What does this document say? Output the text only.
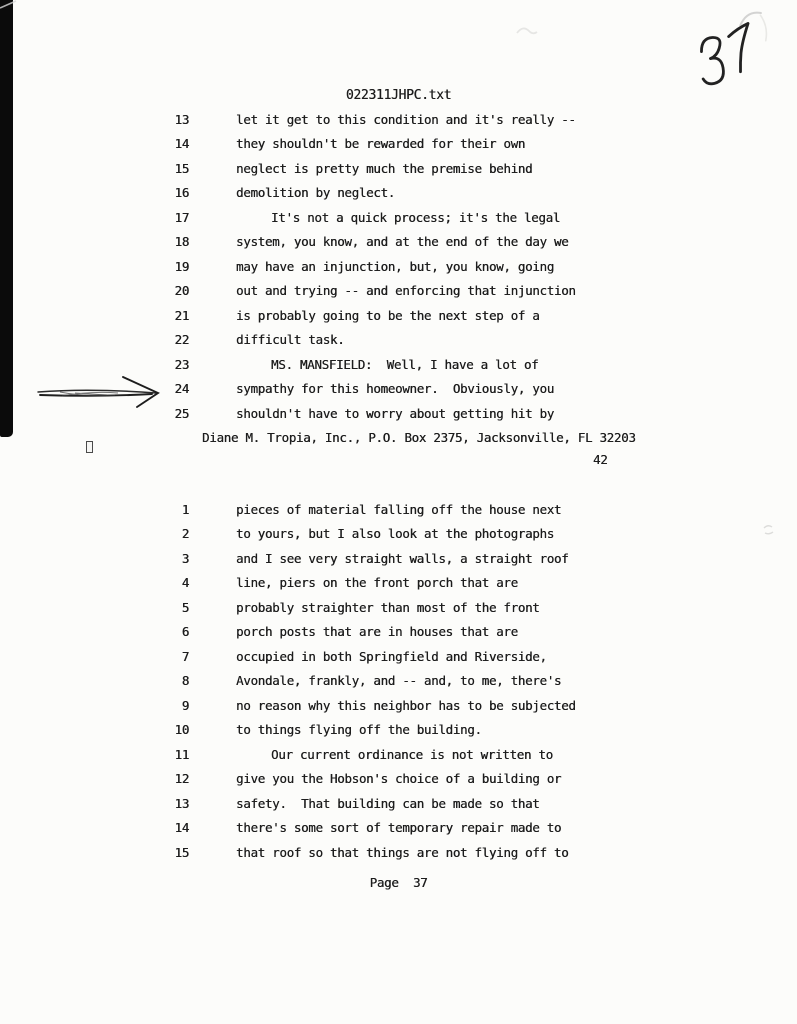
022311JHPC.txt
13	let it get to this condition and it's really --
14	they shouldn't be rewarded for their own
15	neglect is pretty much the premise behind
16	demolition by neglect.
17	It's not a quick process; it's the legal
18	system, you know, and at the end of the day we
19	may have an injunction, but, you know, going
20	out and trying -- and enforcing that injunction
21	is probably going to be the next step of a
22	difficult task.
23	MS. MANSFIELD:  Well, I have a lot of
24	sympathy for this homeowner.  Obviously, you
25	shouldn't have to worry about getting hit by
Diane M. Tropia, Inc., P.O. Box 2375, Jacksonville, FL 32203
42
1	pieces of material falling off the house next
2	to yours, but I also look at the photographs
3	and I see very straight walls, a straight roof
4	line, piers on the front porch that are
5	probably straighter than most of the front
6	porch posts that are in houses that are
7	occupied in both Springfield and Riverside,
8	Avondale, frankly, and -- and, to me, there's
9	no reason why this neighbor has to be subjected
10	to things flying off the building.
11	Our current ordinance is not written to
12	give you the Hobson's choice of a building or
13	safety.  That building can be made so that
14	there's some sort of temporary repair made to
15	that roof so that things are not flying off to
Page  37
